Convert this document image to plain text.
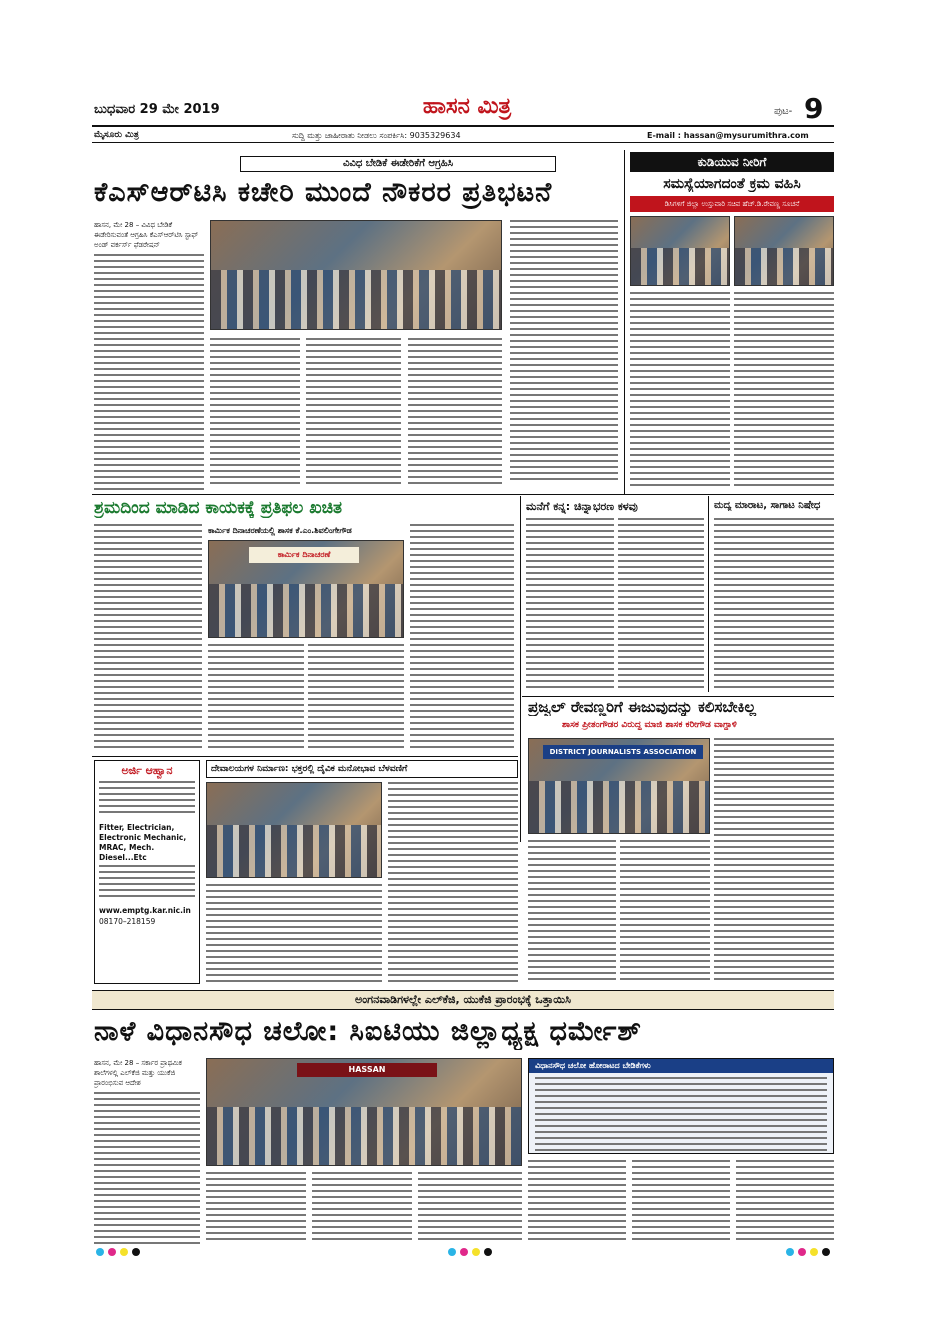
ಬುಧವಾರ 29 ಮೇ 2019	ಹಾಸನ ಮಿತ್ರ	ಪುಟ- 9
ಮೈಸೂರು ಮಿತ್ರ	ಸುದ್ದಿ ಮತ್ತು ಜಾಹೀರಾತು ನೀಡಲು ಸಂಪರ್ಕಿಸಿ: 9035329634	E-mail : hassan@mysurumithra.com
ವಿವಿಧ ಬೇಡಿಕೆ ಈಡೇರಿಕೆಗೆ ಆಗ್ರಹಿಸಿ
ಕೆಎಸ್‌ಆರ್‌ಟಿಸಿ ಕಚೇರಿ ಮುಂದೆ ನೌಕರರ ಪ್ರತಿಭಟನೆ
ಹಾಸನ, ಮೇ 28 – ವಿವಿಧ ಬೇಡಿಕೆ ಈಡೇರಿಸುವಂತೆ ಆಗ್ರಹಿಸಿ ಕೆಎಸ್‌ಆರ್‌ಟಿಸಿ ಸ್ಟಾಫ್ ಅಂಡ್ ವರ್ಕರ್ಸ್ ಫೆಡರೇಷನ್
ಕುಡಿಯುವ ನೀರಿಗೆ
ಸಮಸ್ಯೆಯಾಗದಂತೆ ಕ್ರಮ ವಹಿಸಿ
ಡಿಸಿಗಳಿಗೆ ಜಿಲ್ಲಾ ಉಸ್ತುವಾರಿ ಸಚಿವ ಹೆಚ್.ಡಿ.ರೇವಣ್ಣ ಸೂಚನೆ
ಶ್ರಮದಿಂದ ಮಾಡಿದ ಕಾಯಕಕ್ಕೆ ಪ್ರತಿಫಲ ಖಚಿತ
ಕಾರ್ಮಿಕ ದಿನಾಚರಣೆಯಲ್ಲಿ ಶಾಸಕ ಕೆ.ಎಂ.ಶಿವಲಿಂಗೇಗೌಡ
ಕಾರ್ಮಿಕ ದಿನಾಚರಣೆ
ಮನೆಗೆ ಕನ್ನ: ಚಿನ್ನಾಭರಣ ಕಳವು	ಮದ್ಯ ಮಾರಾಟ, ಸಾಗಾಟ ನಿಷೇಧ
ಪ್ರಜ್ವಲ್ ರೇವಣ್ಣರಿಗೆ ಈಜುವುದನ್ನು ಕಲಿಸಬೇಕಿಲ್ಲ
ಶಾಸಕ ಪ್ರೀತಂಗೌಡರ ವಿರುದ್ಧ ಮಾಜಿ ಶಾಸಕ ಕರೀಗೌಡ ವಾಗ್ದಾಳಿ
DISTRICT JOURNALISTS ASSOCIATION
ಅರ್ಜಿ ಆಹ್ವಾನ
Fitter, Electrician, Electronic Mechanic, MRAC, Mech. Diesel...Etc
www.emptg.kar.nic.in
08170–218159
ದೇವಾಲಯಗಳ ನಿರ್ಮಾಣ: ಭಕ್ತರಲ್ಲಿ ದೈವಿಕ ಮನೋಭಾವ ಬೆಳವಣಿಗೆ
ಅಂಗನವಾಡಿಗಳಲ್ಲೇ ಎಲ್‌ಕೆಜಿ, ಯುಕೆಜಿ ಪ್ರಾರಂಭಕ್ಕೆ ಒತ್ತಾಯಿಸಿ
ನಾಳೆ ವಿಧಾನಸೌಧ ಚಲೋ: ಸಿಐಟಿಯು ಜಿಲ್ಲಾಧ್ಯಕ್ಷ ಧರ್ಮೇಶ್
ಹಾಸನ, ಮೇ 28 – ಸರ್ಕಾರ ಪ್ರಾಥಮಿಕ ಶಾಲೆಗಳಲ್ಲಿ ಎಲ್‌ಕೆಜಿ ಮತ್ತು ಯುಕೆಜಿ ಪ್ರಾರಂಭಿಸುವ ಆದೇಶ
HASSAN	ವಿಧಾನಸೌಧ ಚಲೋ ಹೋರಾಟದ ಬೇಡಿಕೆಗಳು
